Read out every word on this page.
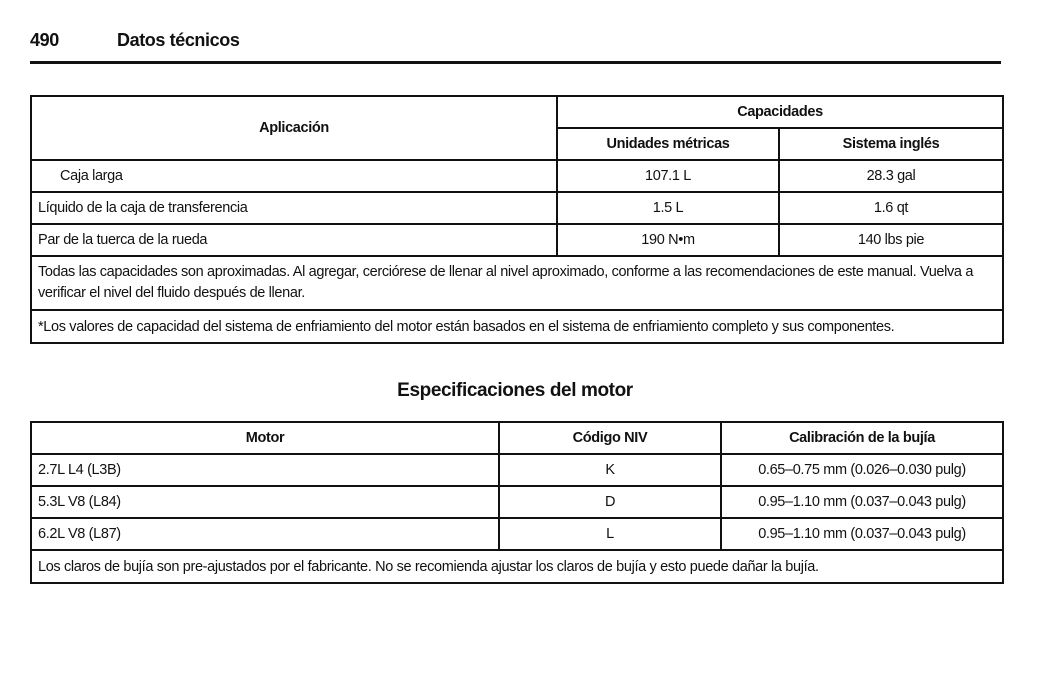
490	Datos técnicos
Aplicación	Capacidades	
	Unidades métricas	Sistema inglés
Caja larga	107.1 L	28.3 gal
Líquido de la caja de transferencia	1.5 L	1.6 qt
Par de la tuerca de la rueda	190 N•m	140 lbs pie
Todas las capacidades son aproximadas. Al agregar, cerciórese de llenar al nivel aproximado, conforme a las recomendaciones de este manual. Vuelva a verificar el nivel del fluido después de llenar.		
*Los valores de capacidad del sistema de enfriamiento del motor están basados en el sistema de enfriamiento completo y sus componentes.		
Especificaciones del motor
Motor	Código NIV	Calibración de la bujía
2.7L L4 (L3B)	K	0.65–0.75 mm (0.026–0.030 pulg)
5.3L V8 (L84)	D	0.95–1.10 mm (0.037–0.043 pulg)
6.2L V8 (L87)	L	0.95–1.10 mm (0.037–0.043 pulg)
Los claros de bujía son pre-ajustados por el fabricante. No se recomienda ajustar los claros de bujía y esto puede dañar la bujía.		
